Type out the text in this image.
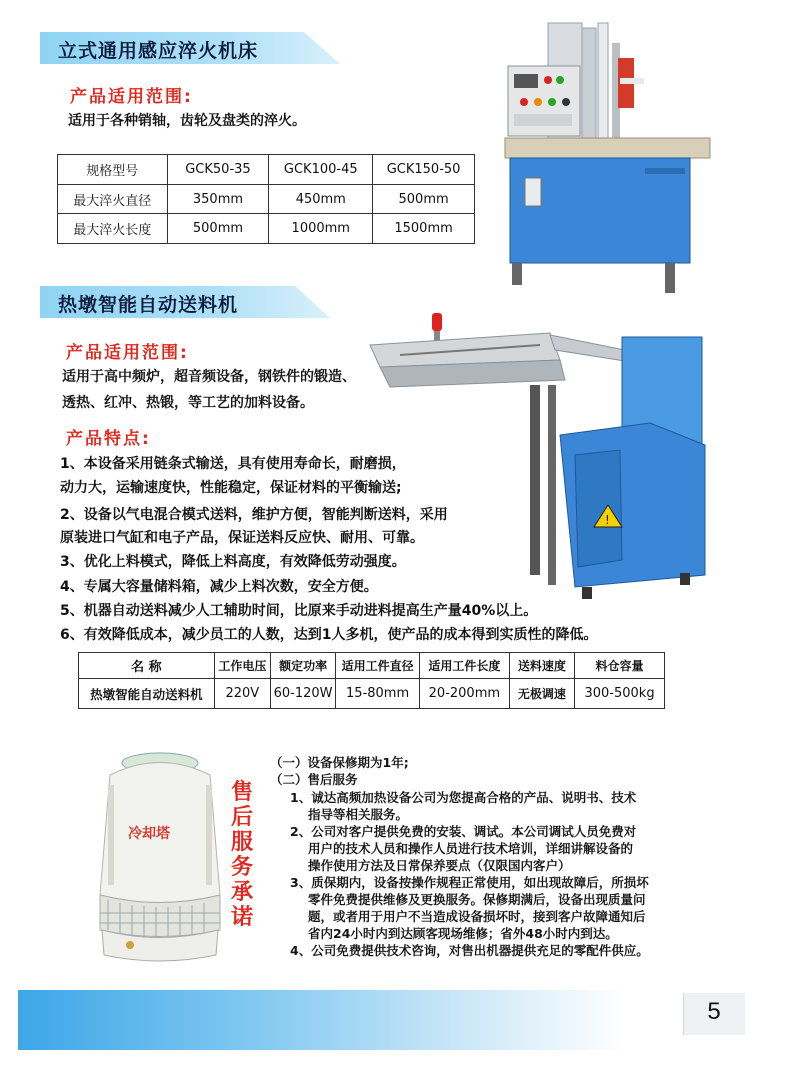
立式通用感应淬火机床
产品适用范围:
适用于各种销轴，齿轮及盘类的淬火。
规格型号	GCK50-35	GCK100-45	GCK150-50
最大淬火直径	350mm	450mm	500mm
最大淬火长度	500mm	1000mm	1500mm
热墩智能自动送料机
产品适用范围:
适用于高中频炉，超音频设备，钢铁件的锻造、
透热、红冲、热锻，等工艺的加料设备。
产品特点:
1、本设备采用链条式输送，具有使用寿命长，耐磨损，
动力大，运输速度快，性能稳定，保证材料的平衡输送;
2、设备以气电混合模式送料，维护方便，智能判断送料，采用
原装进口气缸和电子产品，保证送料反应快、耐用、可靠。
3、优化上料模式，降低上料高度，有效降低劳动强度。
4、专属大容量储料箱，减少上料次数，安全方便。
5、机器自动送料减少人工辅助时间，比原来手动进料提高生产量40%以上。
6、有效降低成本，减少员工的人数，达到1人多机，使产品的成本得到实质性的降低。
!
名 称	工作电压	额定功率	适用工件直径	适用工件长度	送料速度	料仓容量
热墩智能自动送料机	220V	60-120W	15-80mm	20-200mm	无极调速	300-500kg
冷却塔
售
后
服
务
承
诺
（一）设备保修期为1年;
（二）售后服务
1、诚达高频加热设备公司为您提高合格的产品、说明书、技术
指导等相关服务。
2、公司对客户提供免费的安装、调试。本公司调试人员免费对
用户的技术人员和操作人员进行技术培训，详细讲解设备的
操作使用方法及日常保养要点（仅限国内客户）
3、质保期内，设备按操作规程正常使用，如出现故障后，所损坏
零件免费提供维修及更换服务。保修期满后，设备出现质量问
题，或者用于用户不当造成设备损坏时，接到客户故障通知后
省内24小时内到达顾客现场维修；省外48小时内到达。
4、公司免费提供技术咨询，对售出机器提供充足的零配件供应。
5
